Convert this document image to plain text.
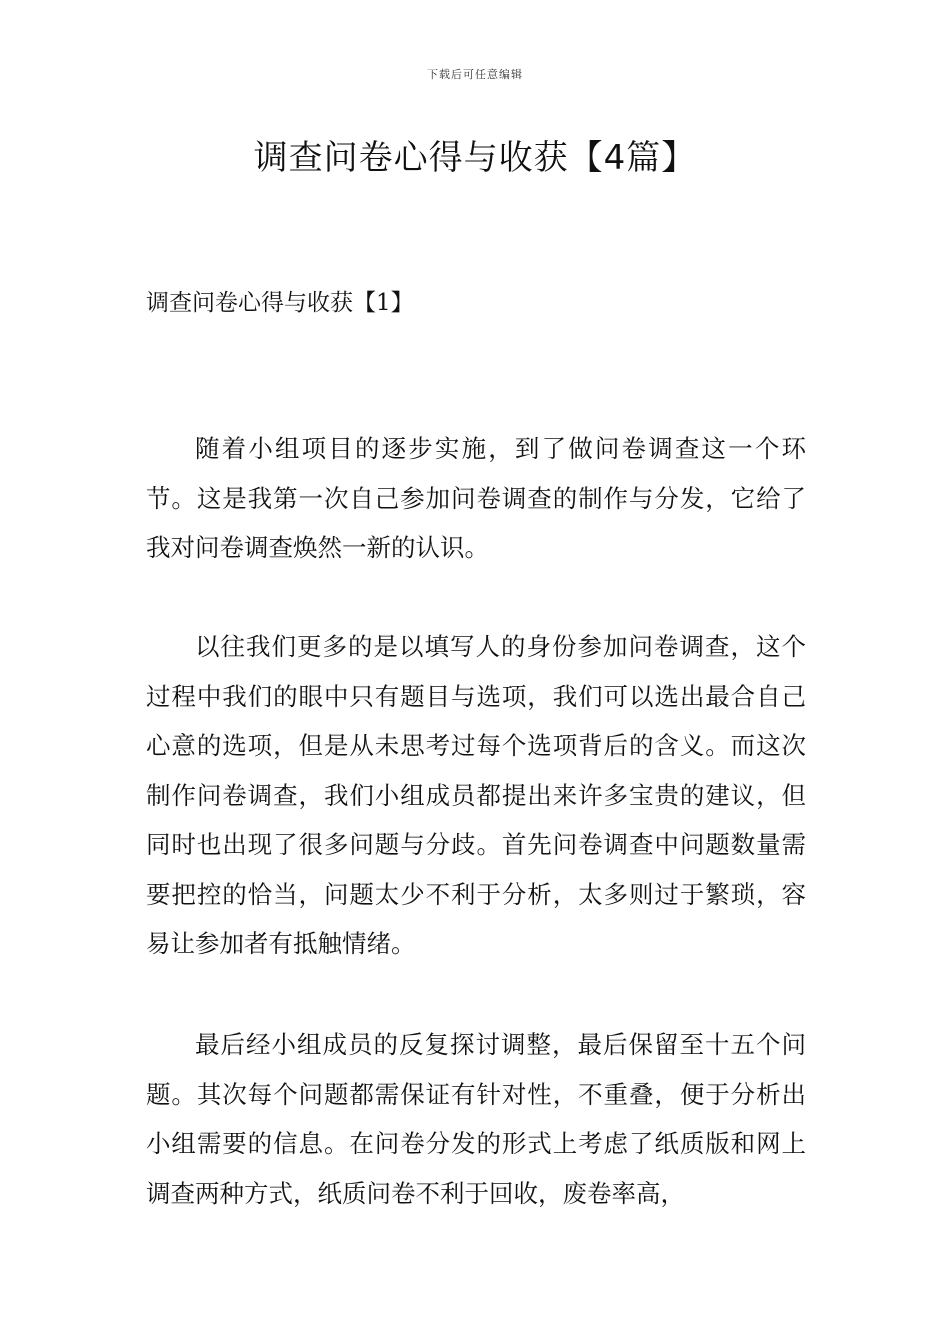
下载后可任意编辑
调查问卷心得与收获【4篇】
调查问卷心得与收获【1】

随着小组项目的逐步实施，到了做问卷调查这一个环节。这是我第一次自己参加问卷调查的制作与分发，它给了我对问卷调查焕然一新的认识。

以往我们更多的是以填写人的身份参加问卷调查，这个过程中我们的眼中只有题目与选项，我们可以选出最合自己心意的选项，但是从未思考过每个选项背后的含义。而这次制作问卷调查，我们小组成员都提出来许多宝贵的建议，但同时也出现了很多问题与分歧。首先问卷调查中问题数量需要把控的恰当，问题太少不利于分析，太多则过于繁琐，容易让参加者有抵触情绪。

最后经小组成员的反复探讨调整，最后保留至十五个问题。其次每个问题都需保证有针对性，不重叠，便于分析出小组需要的信息。在问卷分发的形式上考虑了纸质版和网上调查两种方式，纸质问卷不利于回收，废卷率高，
